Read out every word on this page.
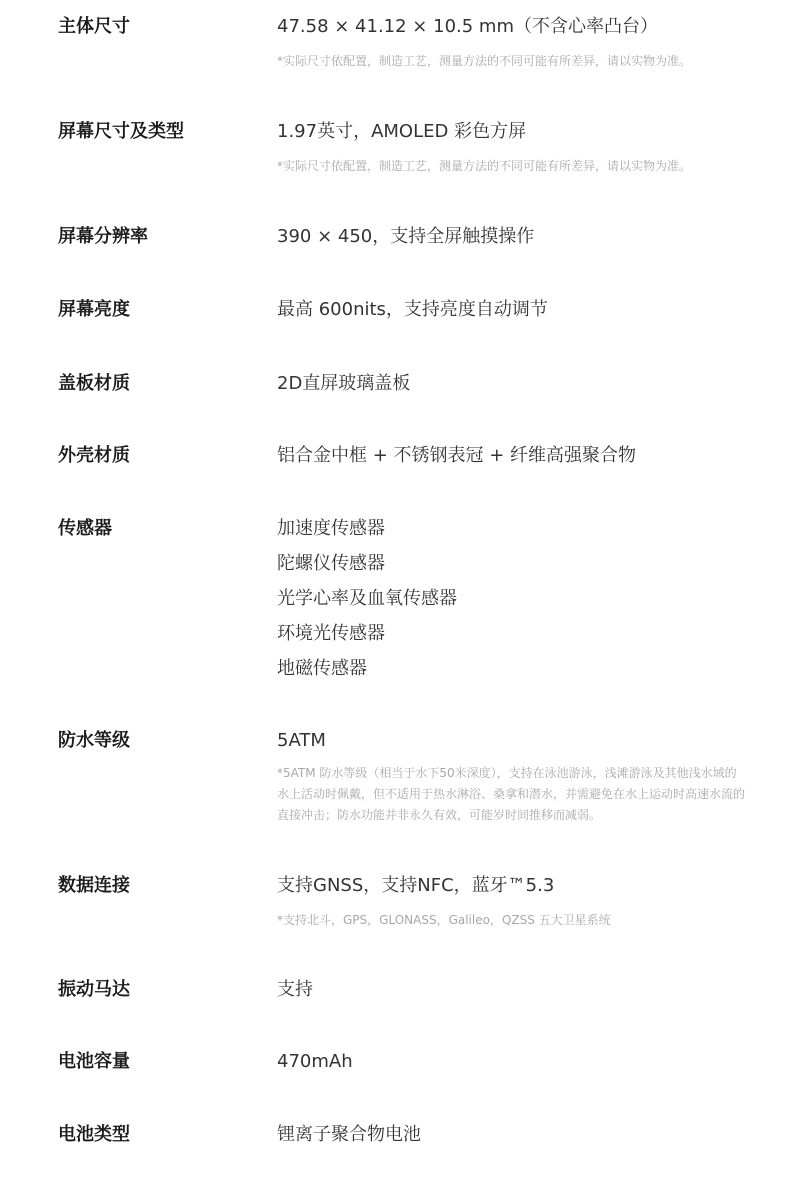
主体尺寸	47.58 × 41.12 × 10.5 mm（不含心率凸台）

*实际尺寸依配置，制造工艺，测量方法的不同可能有所差异，请以实物为准。
屏幕尺寸及类型	1.97英寸，AMOLED 彩色方屏

*实际尺寸依配置，制造工艺，测量方法的不同可能有所差异，请以实物为准。
屏幕分辨率	390 × 450，支持全屏触摸操作

屏幕亮度	最高 600nits，支持亮度自动调节

盖板材质	2D直屏玻璃盖板

外壳材质	铝合金中框 + 不锈钢表冠 + 纤维高强聚合物

传感器	加速度传感器

陀螺仪传感器

光学心率及血氧传感器

环境光传感器

地磁传感器

防水等级	5ATM

*5ATM 防水等级（相当于水下50米深度），支持在泳池游泳，浅滩游泳及其他浅水域的水上活动时佩戴，但不适用于热水淋浴、桑拿和潜水，并需避免在水上运动时高速水流的直接冲击；防水功能并非永久有效，可能岁时间推移而减弱。
数据连接	支持GNSS，支持NFC，蓝牙™5.3

*支持北斗，GPS，GLONASS，Galileo，QZSS 五大卫星系统
振动马达	支持

电池容量	470mAh

电池类型	锂离子聚合物电池
